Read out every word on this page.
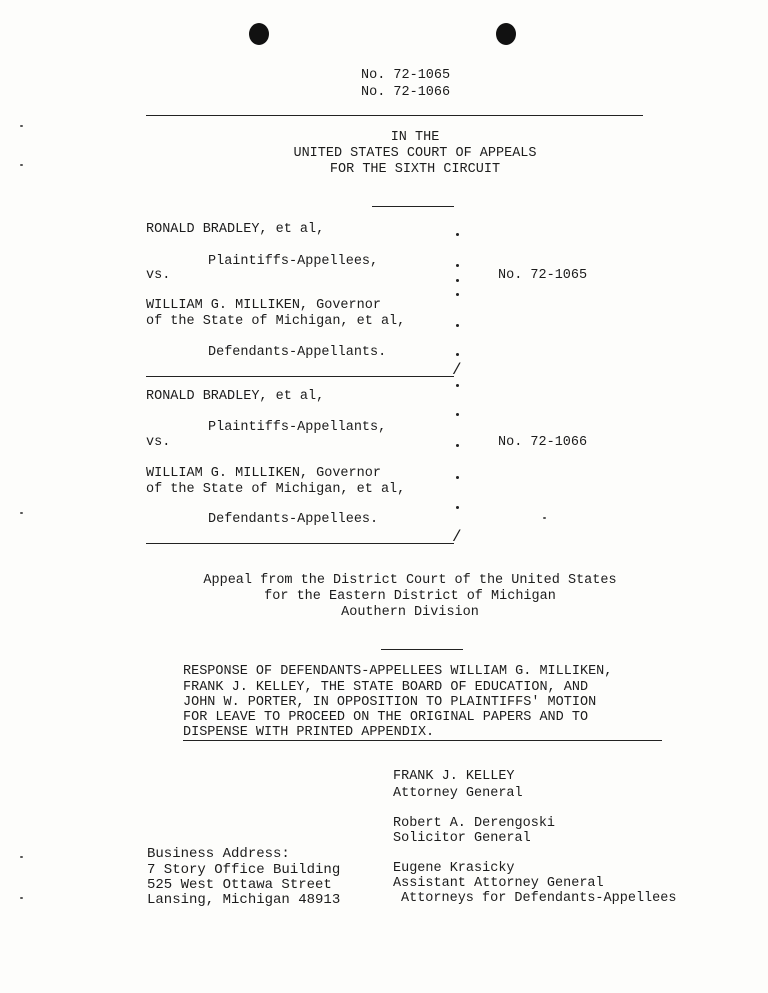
No. 72-1065
No. 72-1066
IN THE
UNITED STATES COURT OF APPEALS
FOR THE SIXTH CIRCUIT
RONALD BRADLEY, et al,
Plaintiffs-Appellees,
vs.	No. 72-1065
WILLIAM G. MILLIKEN, Governor
of the State of Michigan, et al,
Defendants-Appellants.
/
RONALD BRADLEY, et al,
Plaintiffs-Appellants,
vs.	No. 72-1066
WILLIAM G. MILLIKEN, Governor
of the State of Michigan, et al,
Defendants-Appellees.
/
Appeal from the District Court of the United States
for the Eastern District of Michigan
Aouthern Division
RESPONSE OF DEFENDANTS-APPELLEES WILLIAM G. MILLIKEN,
FRANK J. KELLEY, THE STATE BOARD OF EDUCATION, AND
JOHN W. PORTER, IN OPPOSITION TO PLAINTIFFS' MOTION
FOR LEAVE TO PROCEED ON THE ORIGINAL PAPERS AND TO
DISPENSE WITH PRINTED APPENDIX.
FRANK J. KELLEY
Attorney General
Robert A. Derengoski
Solicitor General
Eugene Krasicky
Assistant Attorney General
Attorneys for Defendants-Appellees
Business Address:
7 Story Office Building
525 West Ottawa Street
Lansing, Michigan 48913
